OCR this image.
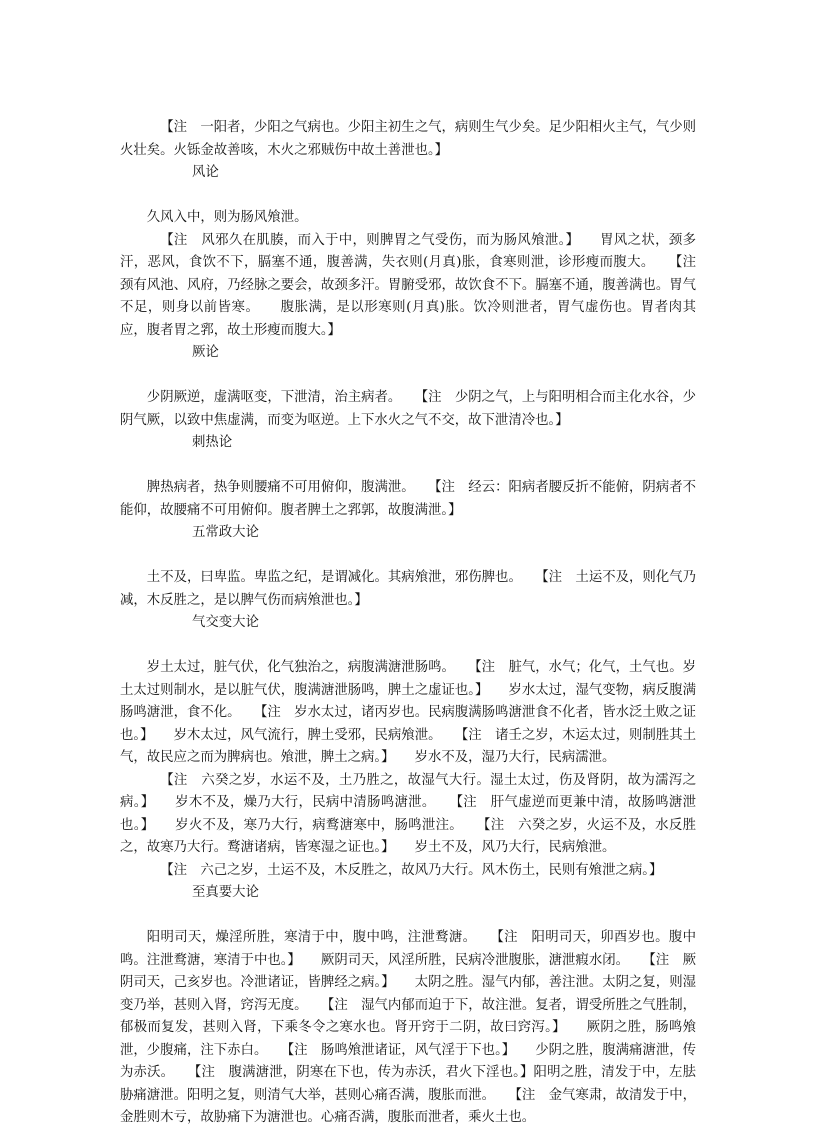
【注　一阳者，少阳之气病也。少阳主初生之气，病则生气少矣。足少阳相火主气，气少则火壮矣。火铄金故善咳，木火之邪贼伤中故土善泄也。】

风论

久风入中，则为肠风飧泄。

【注　风邪久在肌腠，而入于中，则脾胃之气受伤，而为肠风飧泄。】　　胃风之状，颈多汗，恶风，食饮不下，膈塞不通，腹善满，失衣则(月真)胀，食寒则泄，诊形瘦而腹大。　　【注　颈有风池、风府，乃经脉之要会，故颈多汗。胃腑受邪，故饮食不下。膈塞不通，腹善满也。胃气不足，则身以前皆寒。　　腹胀满，是以形寒则(月真)胀。饮冷则泄者，胃气虚伤也。胃者肉其应，腹者胃之郛，故土形瘦而腹大。】

厥论

少阴厥逆，虚满呕变，下泄清，治主病者。　　【注　少阴之气，上与阳明相合而主化水谷，少阴气厥，以致中焦虚满，而变为呕逆。上下水火之气不交，故下泄清冷也。】

刺热论

脾热病者，热争则腰痛不可用俯仰，腹满泄。　　【注　经云：阳病者腰反折不能俯，阴病者不能仰，故腰痛不可用俯仰。腹者脾土之郛郭，故腹满泄。】

五常政大论

土不及，曰卑监。卑监之纪，是谓减化。其病飧泄，邪伤脾也。　　【注　土运不及，则化气乃减，木反胜之，是以脾气伤而病飧泄也。】

气交变大论

岁土太过，脏气伏，化气独治之，病腹满溏泄肠鸣。　　【注　脏气，水气；化气，土气也。岁土太过则制水，是以脏气伏，腹满溏泄肠鸣，脾土之虚证也。】　　岁水太过，湿气变物，病反腹满肠鸣溏泄，食不化。　　【注　岁水太过，诸丙岁也。民病腹满肠鸣溏泄食不化者，皆水泛土败之证也。】　　岁木太过，风气流行，脾土受邪，民病飧泄。　　【注　诸壬之岁，木运太过，则制胜其土气，故民应之而为脾病也。飧泄，脾土之病。】　　岁水不及，湿乃大行，民病濡泄。

【注　六癸之岁，水运不及，土乃胜之，故湿气大行。湿土太过，伤及肾阴，故为濡泻之病。】　　岁木不及，燥乃大行，民病中清肠鸣溏泄。　　【注　肝气虚逆而更兼中清，故肠鸣溏泄也。】　　岁火不及，寒乃大行，病鹜溏寒中，肠鸣泄注。　　【注　六癸之岁，火运不及，水反胜之，故寒乃大行。鹜溏诸病，皆寒湿之证也。】　　岁土不及，风乃大行，民病飧泄。

【注　六己之岁，土运不及，木反胜之，故风乃大行。风木伤土，民则有飧泄之病。】

至真要大论

阳明司天，燥淫所胜，寒清于中，腹中鸣，注泄鹜溏。　　【注　阳明司天，卯酉岁也。腹中鸣。注泄鹜溏，寒清于中也。】　　厥阴司天，风淫所胜，民病冷泄腹胀，溏泄瘕水闭。　　【注　厥阴司天，己亥岁也。冷泄诸证，皆脾经之病。】　　太阴之胜。湿气内郁，善注泄。太阴之复，则湿变乃举，甚则入肾，窍泻无度。　　【注　湿气内郁而迫于下，故注泄。复者，谓受所胜之气胜制，郁极而复发，甚则入肾，下乘冬令之寒水也。肾开窍于二阴，故曰窍泻。】　　厥阴之胜，肠鸣飧泄，少腹痛，注下赤白。　　【注　肠鸣飧泄诸证，风气淫于下也。】　　少阴之胜，腹满痛溏泄，传为赤沃。　　【注　腹满溏泄，阴寒在下也，传为赤沃，君火下淫也。】阳明之胜，清发于中，左胠胁痛溏泄。阳明之复，则清气大举，甚则心痛否满，腹胀而泄。　　【注　金气寒肃，故清发于中，金胜则木亏，故胁痛下为溏泄也。心痛否满，腹胀而泄者，乘火土也。
